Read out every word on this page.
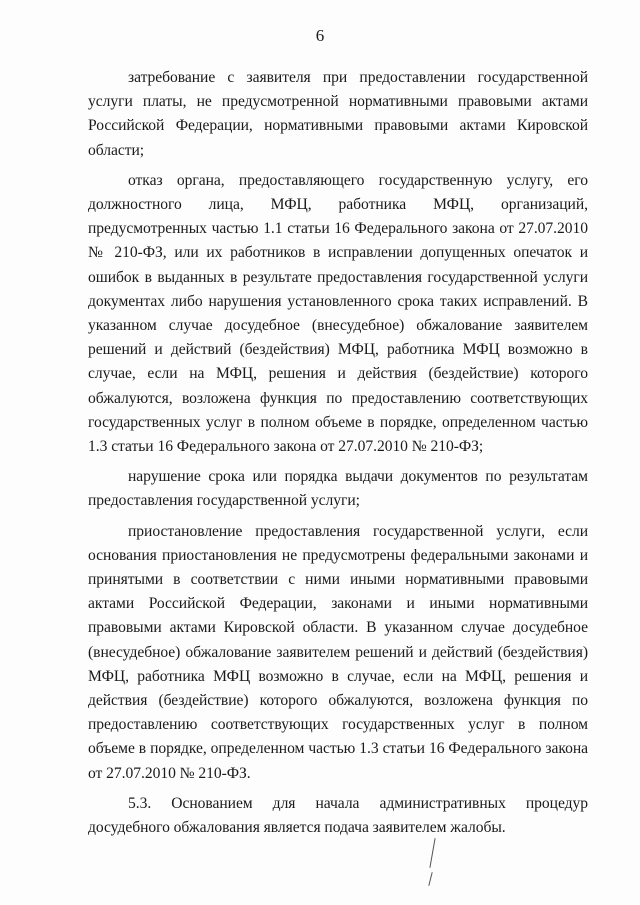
6

затребование с заявителя при предоставлении государственной услуги платы, не предусмотренной нормативными правовыми актами Российской Федерации, нормативными правовыми актами Кировской области;

отказ органа, предоставляющего государственную услугу, его должностного лица, МФЦ, работника МФЦ, организаций, предусмотренных частью 1.1 статьи 16 Федерального закона от 27.07.2010 № 210-ФЗ, или их работников в исправлении допущенных опечаток и ошибок в выданных в результате предоставления государственной услуги документах либо нарушения установленного срока таких исправлений. В указанном случае досудебное (внесудебное) обжалование заявителем решений и действий (бездействия) МФЦ, работника МФЦ возможно в случае, если на МФЦ, решения и действия (бездействие) которого обжалуются, возложена функция по предоставлению соответствующих государственных услуг в полном объеме в порядке, определенном частью 1.3 статьи 16 Федерального закона от 27.07.2010 № 210-ФЗ;

нарушение срока или порядка выдачи документов по результатам предоставления государственной услуги;

приостановление предоставления государственной услуги, если основания приостановления не предусмотрены федеральными законами и принятыми в соответствии с ними иными нормативными правовыми актами Российской Федерации, законами и иными нормативными правовыми актами Кировской области. В указанном случае досудебное (внесудебное) обжалование заявителем решений и действий (бездействия) МФЦ, работника МФЦ возможно в случае, если на МФЦ, решения и действия (бездействие) которого обжалуются, возложена функция по предоставлению соответствующих государственных услуг в полном объеме в порядке, определенном частью 1.3 статьи 16 Федерального закона от 27.07.2010 № 210-ФЗ.

5.3. Основанием для начала административных процедур досудебного обжалования является подача заявителем жалобы.
